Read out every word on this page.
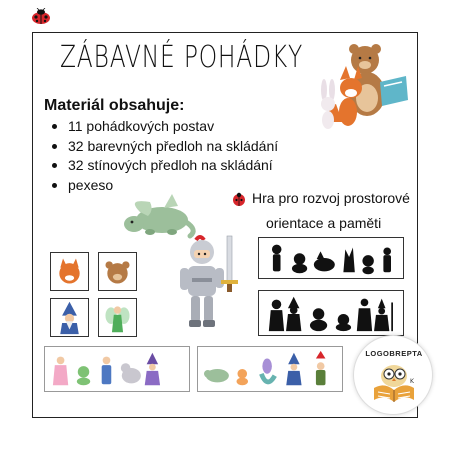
ZÁBAVNÉ POHÁDKY
Materiál obsahuje:
11 pohádkových postav
32 barevných předloh na skládání
32 stínových předloh na skládání
pexeso
Hra pro rozvoj prostorové
orientace a paměti
LOGOBREPTA
K
